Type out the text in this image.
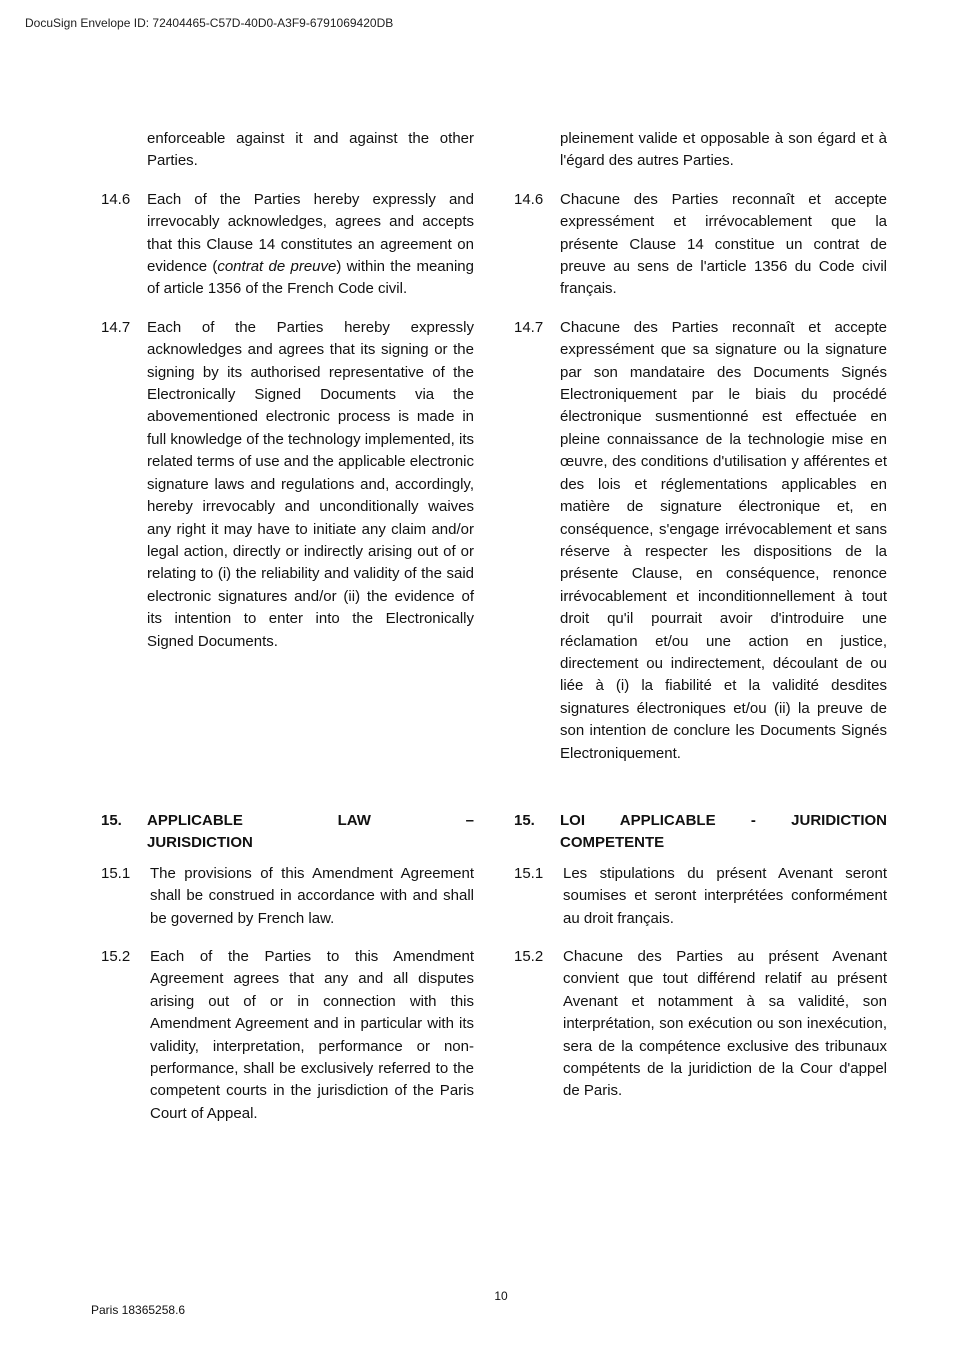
DocuSign Envelope ID: 72404465-C57D-40D0-A3F9-6791069420DB
enforceable against it and against the other Parties.
14.6 Each of the Parties hereby expressly and irrevocably acknowledges, agrees and accepts that this Clause 14 constitutes an agreement on evidence (contrat de preuve) within the meaning of article 1356 of the French Code civil.
14.7 Each of the Parties hereby expressly acknowledges and agrees that its signing or the signing by its authorised representative of the Electronically Signed Documents via the abovementioned electronic process is made in full knowledge of the technology implemented, its related terms of use and the applicable electronic signature laws and regulations and, accordingly, hereby irrevocably and unconditionally waives any right it may have to initiate any claim and/or legal action, directly or indirectly arising out of or relating to (i) the reliability and validity of the said electronic signatures and/or (ii) the evidence of its intention to enter into the Electronically Signed Documents.
15. APPLICABLE LAW –
JURISDICTION
15.1 The provisions of this Amendment Agreement shall be construed in accordance with and shall be governed by French law.
15.2 Each of the Parties to this Amendment Agreement agrees that any and all disputes arising out of or in connection with this Amendment Agreement and in particular with its validity, interpretation, performance or non-performance, shall be exclusively referred to the competent courts in the jurisdiction of the Paris Court of Appeal.
pleinement valide et opposable à son égard et à l'égard des autres Parties.
14.6 Chacune des Parties reconnaît et accepte expressément et irrévocablement que la présente Clause 14 constitue un contrat de preuve au sens de l'article 1356 du Code civil français.
14.7 Chacune des Parties reconnaît et accepte expressément que sa signature ou la signature par son mandataire des Documents Signés Electroniquement par le biais du procédé électronique susmentionné est effectuée en pleine connaissance de la technologie mise en œuvre, des conditions d'utilisation y afférentes et des lois et réglementations applicables en matière de signature électronique et, en conséquence, s'engage irrévocablement et sans réserve à respecter les dispositions de la présente Clause, en conséquence, renonce irrévocablement et inconditionnellement à tout droit qu'il pourrait avoir d'introduire une réclamation et/ou une action en justice, directement ou indirectement, découlant de ou liée à (i) la fiabilité et la validité desdites signatures électroniques et/ou (ii) la preuve de son intention de conclure les Documents Signés Electroniquement.
15. LOI APPLICABLE - JURIDICTION
COMPETENTE
15.1 Les stipulations du présent Avenant seront soumises et seront interprétées conformément au droit français.
15.2 Chacune des Parties au présent Avenant convient que tout différend relatif au présent Avenant et notamment à sa validité, son interprétation, son exécution ou son inexécution, sera de la compétence exclusive des tribunaux compétents de la juridiction de la Cour d'appel de Paris.
10
Paris 18365258.6
